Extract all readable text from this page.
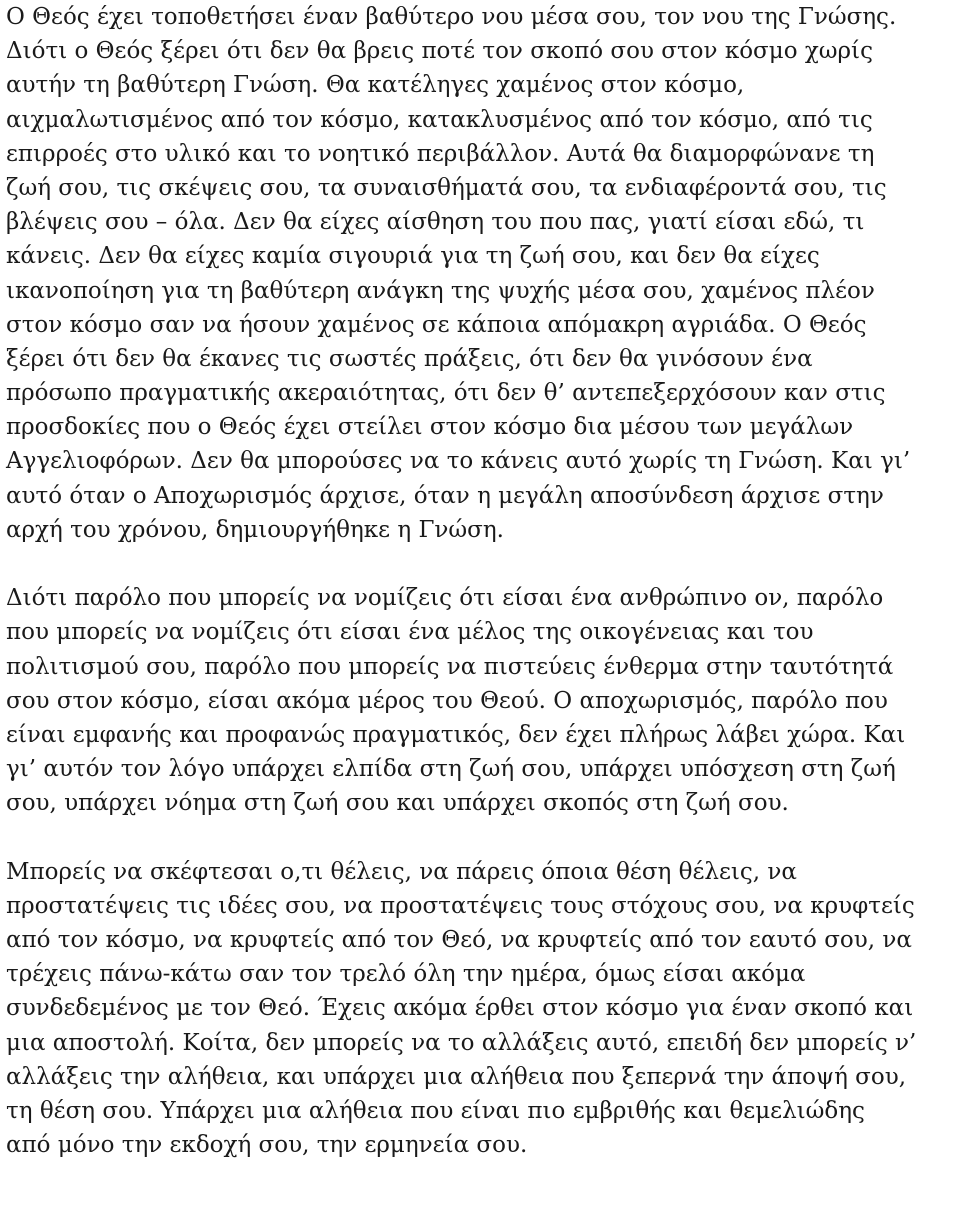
Ο Θεός έχει τοποθετήσει έναν βαθύτερο νου μέσα σου, τον νου της Γνώσης.
Διότι ο Θεός ξέρει ότι δεν θα βρεις ποτέ τον σκοπό σου στον κόσμο χωρίς
αυτήν τη βαθύτερη Γνώση. Θα κατέληγες χαμένος στον κόσμο,
αιχμαλωτισμένος από τον κόσμο, κατακλυσμένος από τον κόσμο, από τις
επιρροές στο υλικό και το νοητικό περιβάλλον. Αυτά θα διαμορφώνανε τη
ζωή σου, τις σκέψεις σου, τα συναισθήματά σου, τα ενδιαφέροντά σου, τις
βλέψεις σου – όλα. Δεν θα είχες αίσθηση του που πας, γιατί είσαι εδώ, τι
κάνεις. Δεν θα είχες καμία σιγουριά για τη ζωή σου, και δεν θα είχες
ικανοποίηση για τη βαθύτερη ανάγκη της ψυχής μέσα σου, χαμένος πλέον
στον κόσμο σαν να ήσουν χαμένος σε κάποια απόμακρη αγριάδα. Ο Θεός
ξέρει ότι δεν θα έκανες τις σωστές πράξεις, ότι δεν θα γινόσουν ένα
πρόσωπο πραγματικής ακεραιότητας, ότι δεν θ’ αντεπεξερχόσουν καν στις
προσδοκίες που ο Θεός έχει στείλει στον κόσμο δια μέσου των μεγάλων
Αγγελιοφόρων. Δεν θα μπορούσες να το κάνεις αυτό χωρίς τη Γνώση. Και γι’
αυτό όταν ο Αποχωρισμός άρχισε, όταν η μεγάλη αποσύνδεση άρχισε στην
αρχή του χρόνου, δημιουργήθηκε η Γνώση.
Διότι παρόλο που μπορείς να νομίζεις ότι είσαι ένα ανθρώπινο ον, παρόλο
που μπορείς να νομίζεις ότι είσαι ένα μέλος της οικογένειας και του
πολιτισμού σου, παρόλο που μπορείς να πιστεύεις ένθερμα στην ταυτότητά
σου στον κόσμο, είσαι ακόμα μέρος του Θεού. Ο αποχωρισμός, παρόλο που
είναι εμφανής και προφανώς πραγματικός, δεν έχει πλήρως λάβει χώρα. Και
γι’ αυτόν τον λόγο υπάρχει ελπίδα στη ζωή σου, υπάρχει υπόσχεση στη ζωή
σου, υπάρχει νόημα στη ζωή σου και υπάρχει σκοπός στη ζωή σου.
Μπορείς να σκέφτεσαι ο,τι θέλεις, να πάρεις όποια θέση θέλεις, να
προστατέψεις τις ιδέες σου, να προστατέψεις τους στόχους σου, να κρυφτείς
από τον κόσμο, να κρυφτείς από τον Θεό, να κρυφτείς από τον εαυτό σου, να
τρέχεις πάνω-κάτω σαν τον τρελό όλη την ημέρα, όμως είσαι ακόμα
συνδεδεμένος με τον Θεό. Έχεις ακόμα έρθει στον κόσμο για έναν σκοπό και
μια αποστολή. Κοίτα, δεν μπορείς να το αλλάξεις αυτό, επειδή δεν μπορείς ν’
αλλάξεις την αλήθεια, και υπάρχει μια αλήθεια που ξεπερνά την άποψή σου,
τη θέση σου. Υπάρχει μια αλήθεια που είναι πιο εμβριθής και θεμελιώδης
από μόνο την εκδοχή σου, την ερμηνεία σου.
